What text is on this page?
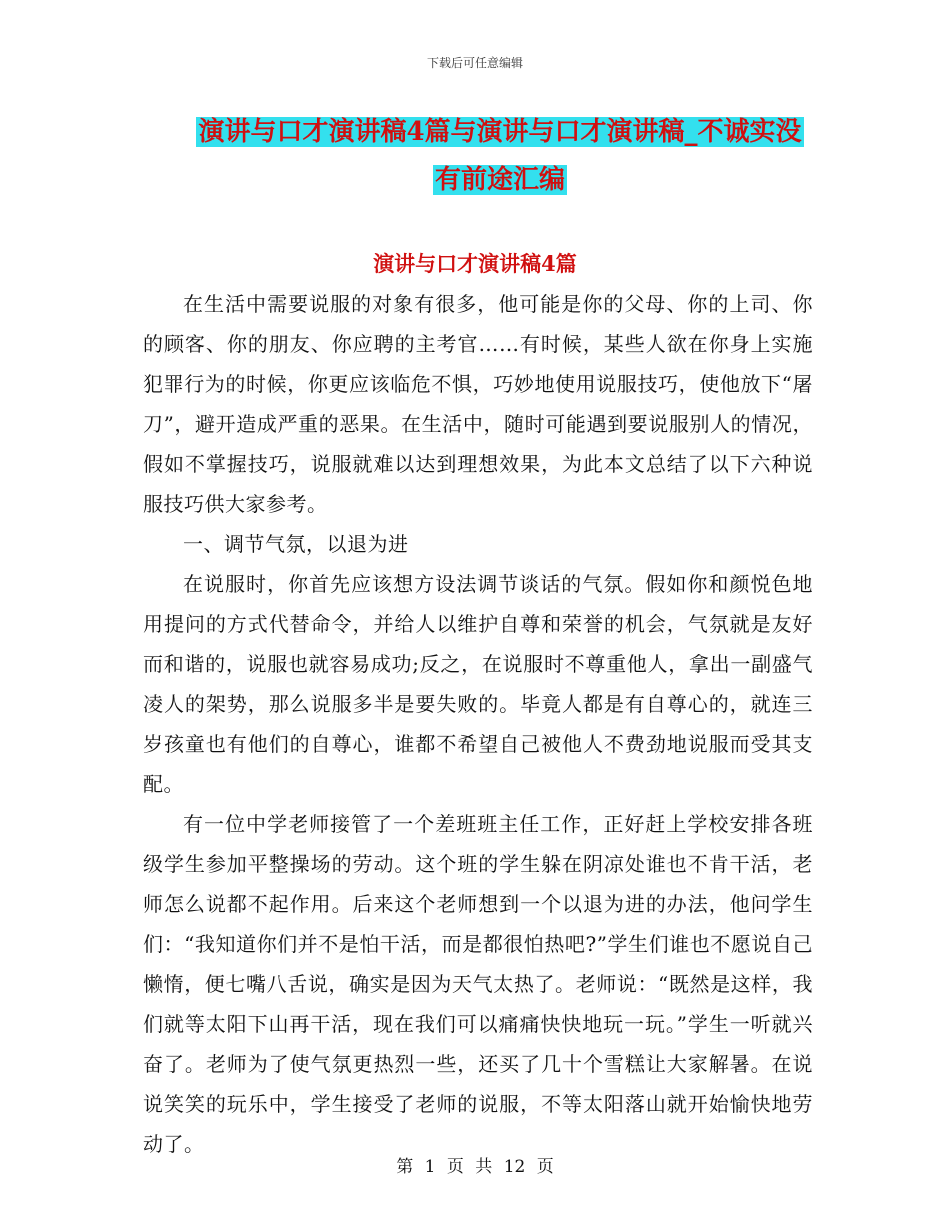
下载后可任意编辑
演讲与口才演讲稿4篇与演讲与口才演讲稿_不诚实没
有前途汇编
演讲与口才演讲稿4篇

在生活中需要说服的对象有很多，他可能是你的父母、你的上司、你的顾客、你的朋友、你应聘的主考官……有时候，某些人欲在你身上实施犯罪行为的时候，你更应该临危不惧，巧妙地使用说服技巧，使他放下“屠刀”，避开造成严重的恶果。在生活中，随时可能遇到要说服别人的情况，假如不掌握技巧，说服就难以达到理想效果，为此本文总结了以下六种说服技巧供大家参考。

一、调节气氛，以退为进

在说服时，你首先应该想方设法调节谈话的气氛。假如你和颜悦色地用提问的方式代替命令，并给人以维护自尊和荣誉的机会，气氛就是友好而和谐的，说服也就容易成功;反之，在说服时不尊重他人，拿出一副盛气凌人的架势，那么说服多半是要失败的。毕竟人都是有自尊心的，就连三岁孩童也有他们的自尊心，谁都不希望自己被他人不费劲地说服而受其支配。

有一位中学老师接管了一个差班班主任工作，正好赶上学校安排各班级学生参加平整操场的劳动。这个班的学生躲在阴凉处谁也不肯干活，老师怎么说都不起作用。后来这个老师想到一个以退为进的办法，他问学生们：“我知道你们并不是怕干活，而是都很怕热吧?”学生们谁也不愿说自己懒惰，便七嘴八舌说，确实是因为天气太热了。老师说：“既然是这样，我们就等太阳下山再干活，现在我们可以痛痛快快地玩一玩。”学生一听就兴奋了。老师为了使气氛更热烈一些，还买了几十个雪糕让大家解暑。在说说笑笑的玩乐中，学生接受了老师的说服，不等太阳落山就开始愉快地劳动了。

第 1 页 共 12 页
